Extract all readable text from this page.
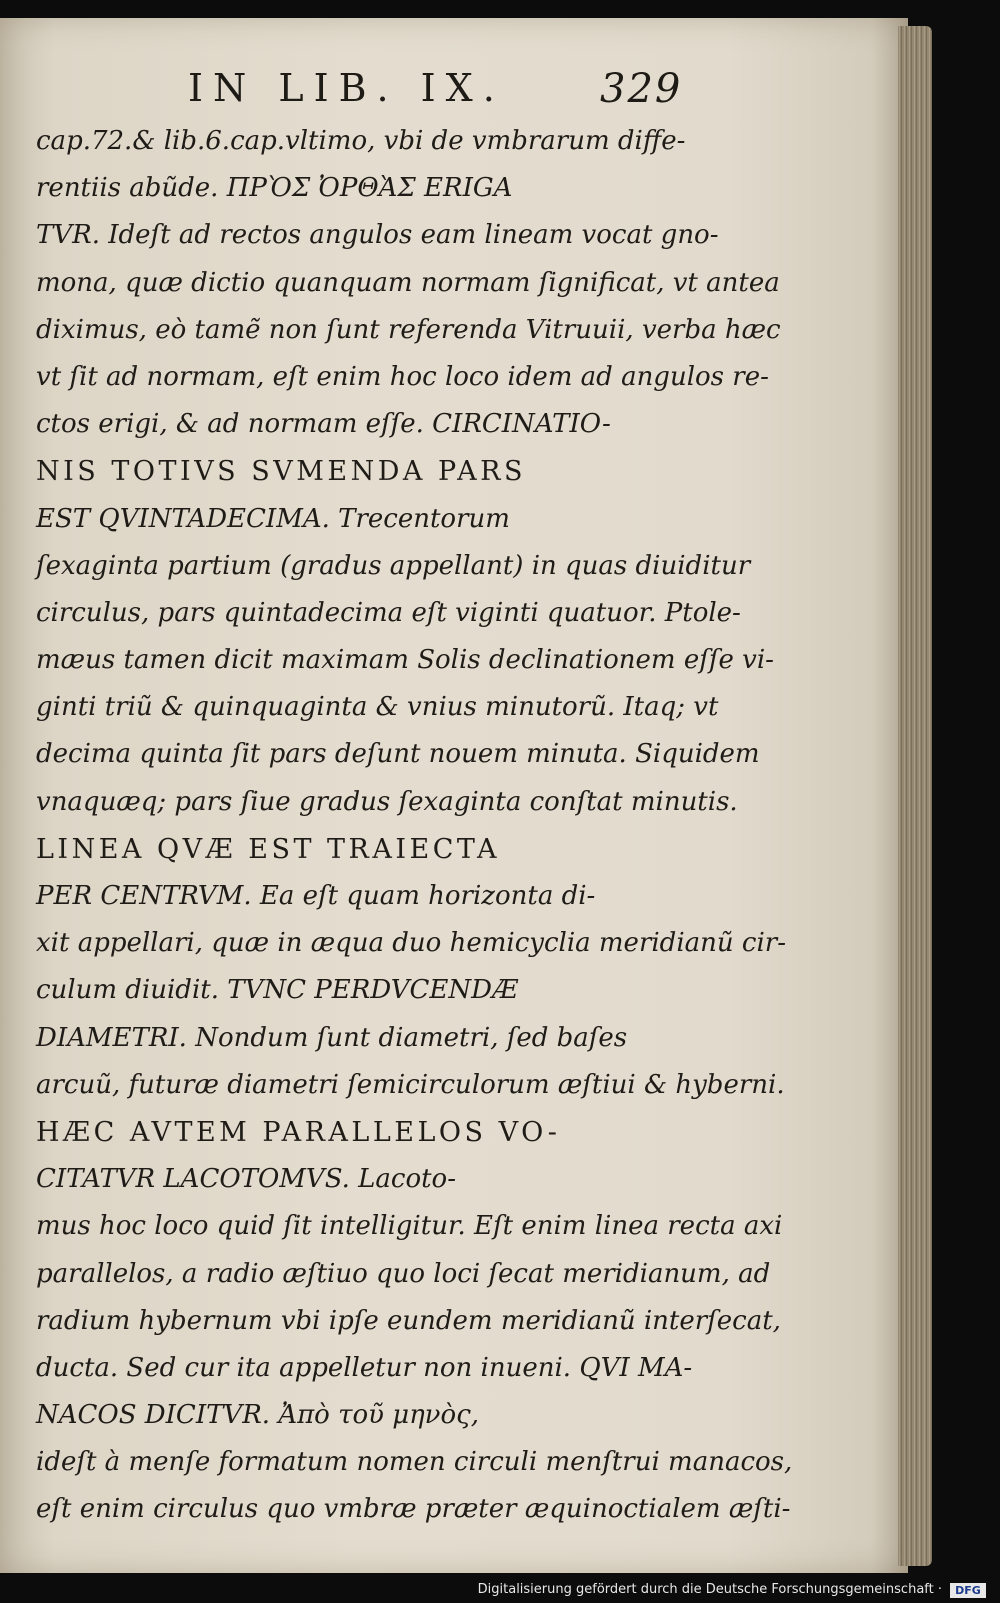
IN LIB. IX. 329
cap.72.& lib.6.cap.vltimo, vbi de vmbrarum diffe-
rentiis abũde. ΠΡῸΣ ὈΡΘᾺΣ ERIGA
TVR. Ideſt ad rectos angulos eam lineam vocat gno-
mona, quæ dictio quanquam normam ſignificat, vt antea
diximus, eò tamẽ non ſunt referenda Vitruuii, verba hæc
vt ſit ad normam, eſt enim hoc loco idem ad angulos re-
ctos erigi, & ad normam eſſe. CIRCINATIO-
NIS TOTIVS SVMENDA PARS
EST QVINTADECIMA. Trecentorum
ſexaginta partium (gradus appellant) in quas diuiditur
circulus, pars quintadecima eſt viginti quatuor. Ptole-
mæus tamen dicit maximam Solis declinationem eſſe vi-
ginti triũ & quinquaginta & vnius minutorũ. Itaq; vt
decima quinta ſit pars deſunt nouem minuta. Siquidem
vnaquæq; pars ſiue gradus ſexaginta conſtat minutis.
LINEA QVÆ EST TRAIECTA
PER CENTRVM. Ea eſt quam horizonta di-
xit appellari, quæ in æqua duo hemicyclia meridianũ cir-
culum diuidit. TVNC PERDVCENDÆ
DIAMETRI. Nondum ſunt diametri, ſed baſes
arcuũ, futuræ diametri ſemicirculorum æſtiui & hyberni.
HÆC AVTEM PARALLELOS VO-
CITATVR LACOTOMVS. Lacoto-
mus hoc loco quid ſit intelligitur. Eſt enim linea recta axi
parallelos, a radio æſtiuo quo loci ſecat meridianum, ad
radium hybernum vbi ipſe eundem meridianũ interſecat,
ducta. Sed cur ita appelletur non inueni. QVI MA-
NACOS DICITVR. Ἀπὸ τοῦ μηνὸς,
ideſt à menſe formatum nomen circuli menſtrui manacos,
eſt enim circulus quo vmbræ præter æquinoctialem æſti-
Digitalisierung gefördert durch die Deutsche Forschungsgemeinschaft ·	DFG
